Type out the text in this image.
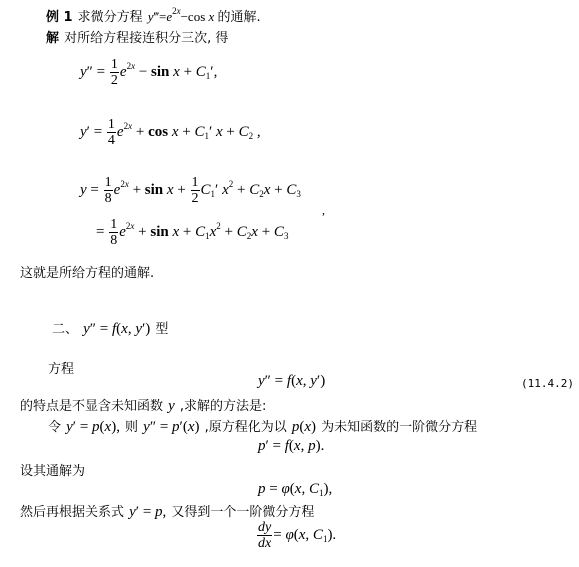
例 1 求微分方程 $y‴=e^{2x}-\cos$ x 的通解.
解 对所给方程接连积分三次, 得
$y'' = \frac{1}{2} e^{2x} - \sin x + C_1'$,
$y' = \frac{1}{4} e^{2x} + \cos x + C_1'$ $x + C_2$ ,
$y = \frac{1}{8} e^{2x} + \sin x + \frac{1}{2} C_1'$ $x^2 + C_2x + C_3$
,
= $\frac{1}{8} e^{2x} + \sin x + C_1x^2 + C_2x + C_3$
这就是所给方程的通解.
二、 y″ = f(x, y′) 型
方程
y″ = f(x, y′)	(11.4.2)
的特点是不显含未知函数 y ,求解的方法是:
令 y′ = p(x), 则 y″ = p′(x) ,原方程化为以 p(x) 为未知函数的一阶微分方程
p′ = f(x, p).
设其通解为
p = φ(x, $C_1$),
然后再根据关系式 y′ = p, 又得到一个一阶微分方程
$\frac{dy}{dx} = \varphi(x$, $C_1$).
